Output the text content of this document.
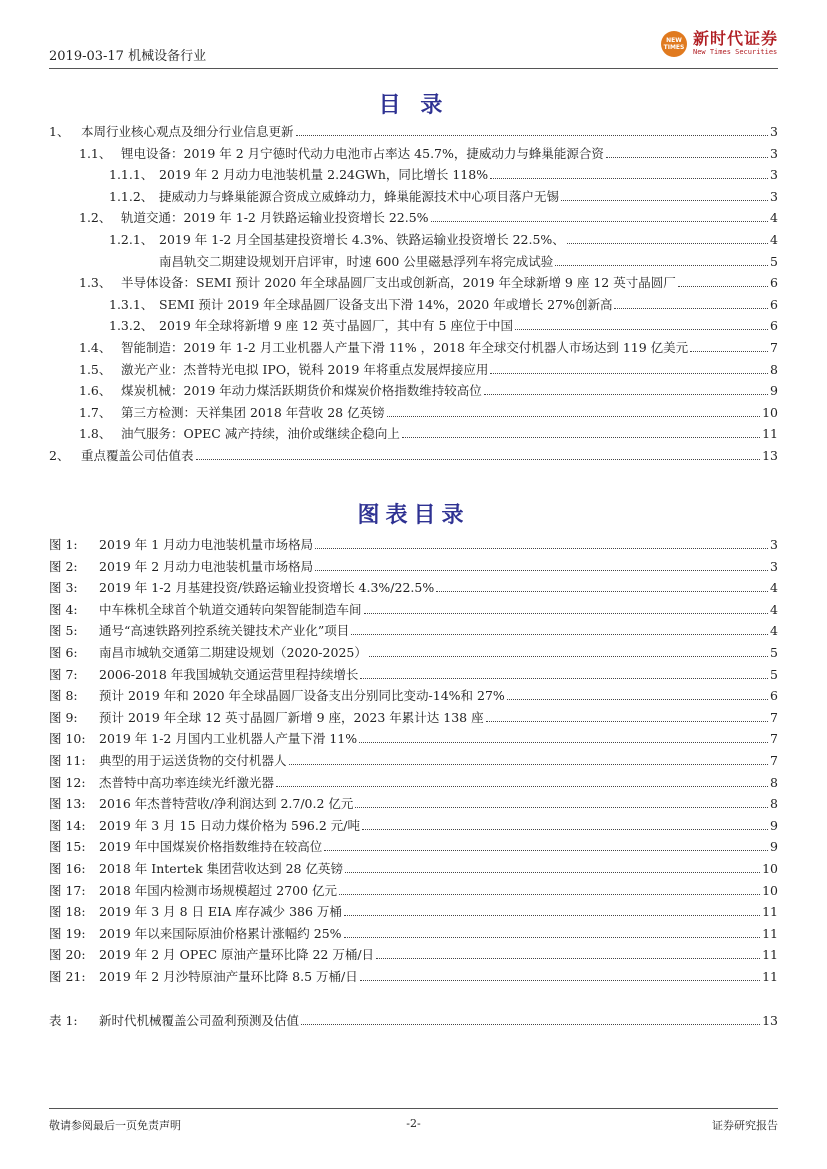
2019-03-17 机械设备行业
NEW
TIMES 新时代证券
New Times Securities
目 录
1、 本周行业核心观点及细分行业信息更新	3
1.1、 锂电设备：2019 年 2 月宁德时代动力电池市占率达 45.7%，捷威动力与蜂巢能源合资	3
1.1.1、 2019 年 2 月动力电池装机量 2.24GWh，同比增长 118%	3
1.1.2、 捷威动力与蜂巢能源合资成立威蜂动力，蜂巢能源技术中心项目落户无锡	3
1.2、 轨道交通：2019 年 1-2 月铁路运输业投资增长 22.5%	4
1.2.1、 2019 年 1-2 月全国基建投资增长 4.3%、铁路运输业投资增长 22.5%、	4
南昌轨交二期建设规划开启评审，时速 600 公里磁悬浮列车将完成试验	5
1.3、 半导体设备：SEMI 预计 2020 年全球晶圆厂支出或创新高，2019 年全球新增 9 座 12 英寸晶圆厂	6
1.3.1、 SEMI 预计 2019 年全球晶圆厂设备支出下滑 14%，2020 年或增长 27%创新高	6
1.3.2、 2019 年全球将新增 9 座 12 英寸晶圆厂，其中有 5 座位于中国	6
1.4、 智能制造：2019 年 1-2 月工业机器人产量下滑 11% ，2018 年全球交付机器人市场达到 119 亿美元	7
1.5、 激光产业：杰普特光电拟 IPO，锐科 2019 年将重点发展焊接应用	8
1.6、 煤炭机械：2019 年动力煤活跃期货价和煤炭价格指数维持较高位	9
1.7、 第三方检测：天祥集团 2018 年营收 28 亿英镑	10
1.8、 油气服务：OPEC 减产持续，油价或继续企稳向上	11
2、 重点覆盖公司估值表	13
图表目录
图 1:	2019 年 1 月动力电池装机量市场格局	3
图 2:	2019 年 2 月动力电池装机量市场格局	3
图 3:	2019 年 1-2 月基建投资/铁路运输业投资增长 4.3%/22.5%	4
图 4:	中车株机全球首个轨道交通转向架智能制造车间	4
图 5:	通号“高速铁路列控系统关键技术产业化”项目	4
图 6:	南昌市城轨交通第二期建设规划（2020-2025）	5
图 7:	2006-2018 年我国城轨交通运营里程持续增长	5
图 8:	预计 2019 年和 2020 年全球晶圆厂设备支出分别同比变动-14%和 27%	6
图 9:	预计 2019 年全球 12 英寸晶圆厂新增 9 座，2023 年累计达 138 座	7
图 10:	2019 年 1-2 月国内工业机器人产量下滑 11%	7
图 11:	典型的用于运送货物的交付机器人	7
图 12:	杰普特中高功率连续光纤激光器	8
图 13:	2016 年杰普特营收/净利润达到 2.7/0.2 亿元	8
图 14:	2019 年 3 月 15 日动力煤价格为 596.2 元/吨	9
图 15:	2019 年中国煤炭价格指数维持在较高位	9
图 16:	2018 年 Intertek 集团营收达到 28 亿英镑	10
图 17:	2018 年国内检测市场规模超过 2700 亿元	10
图 18:	2019 年 3 月 8 日 EIA 库存减少 386 万桶	11
图 19:	2019 年以来国际原油价格累计涨幅约 25%	11
图 20:	2019 年 2 月 OPEC 原油产量环比降 22 万桶/日	11
图 21:	2019 年 2 月沙特原油产量环比降 8.5 万桶/日	11
表 1:	新时代机械覆盖公司盈利预测及估值	13
敬请参阅最后一页免责声明	-2-	证券研究报告
